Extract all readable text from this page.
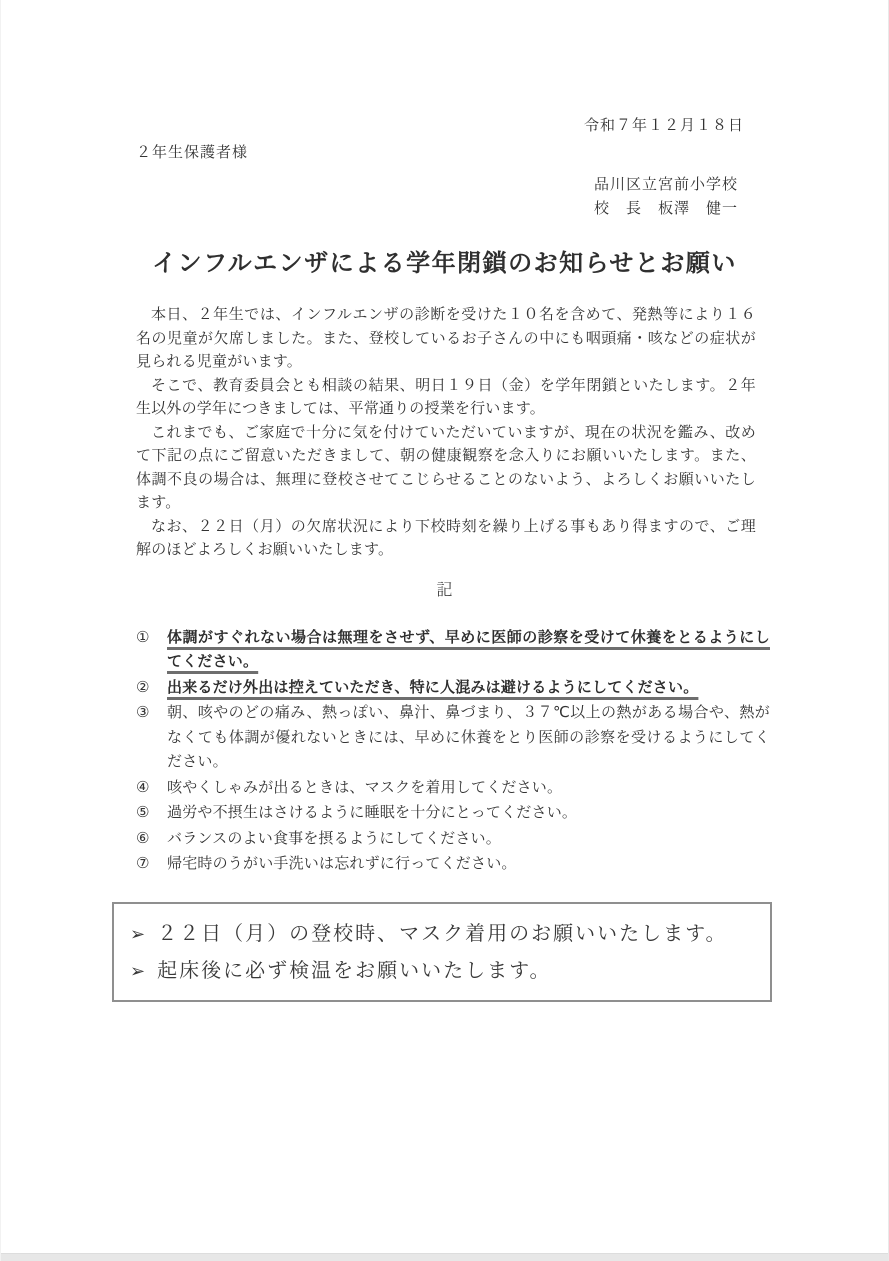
令和７年１２月１８日
２年生保護者様
品川区立宮前小学校
校　長　板澤　健一
インフルエンザによる学年閉鎖のお知らせとお願い

本日、２年生では、インフルエンザの診断を受けた１０名を含めて、発熱等により１６名の児童が欠席しました。また、登校しているお子さんの中にも咽頭痛・咳などの症状が見られる児童がいます。

そこで、教育委員会とも相談の結果、明日１９日（金）を学年閉鎖といたします。２年生以外の学年につきましては、平常通りの授業を行います。

これまでも、ご家庭で十分に気を付けていただいていますが、現在の状況を鑑み、改めて下記の点にご留意いただきまして、朝の健康観察を念入りにお願いいたします。また、体調不良の場合は、無理に登校させてこじらせることのないよう、よろしくお願いいたします。

なお、２２日（月）の欠席状況により下校時刻を繰り上げる事もあり得ますので、ご理解のほどよろしくお願いいたします。

記
①	体調がすぐれない場合は無理をさせず、早めに医師の診察を受けて休養をとるようにしてください。
②	出来るだけ外出は控えていただき、特に人混みは避けるようにしてください。
③	朝、咳やのどの痛み、熱っぽい、鼻汁、鼻づまり、３７℃以上の熱がある場合や、熱がなくても体調が優れないときには、早めに休養をとり医師の診察を受けるようにしてください。
④	咳やくしゃみが出るときは、マスクを着用してください。
⑤	過労や不摂生はさけるように睡眠を十分にとってください。
⑥	バランスのよい食事を摂るようにしてください。
⑦	帰宅時のうがい手洗いは忘れずに行ってください。
➢ ２２日（月）の登校時、マスク着用のお願いいたします。
➢ 起床後に必ず検温をお願いいたします。
